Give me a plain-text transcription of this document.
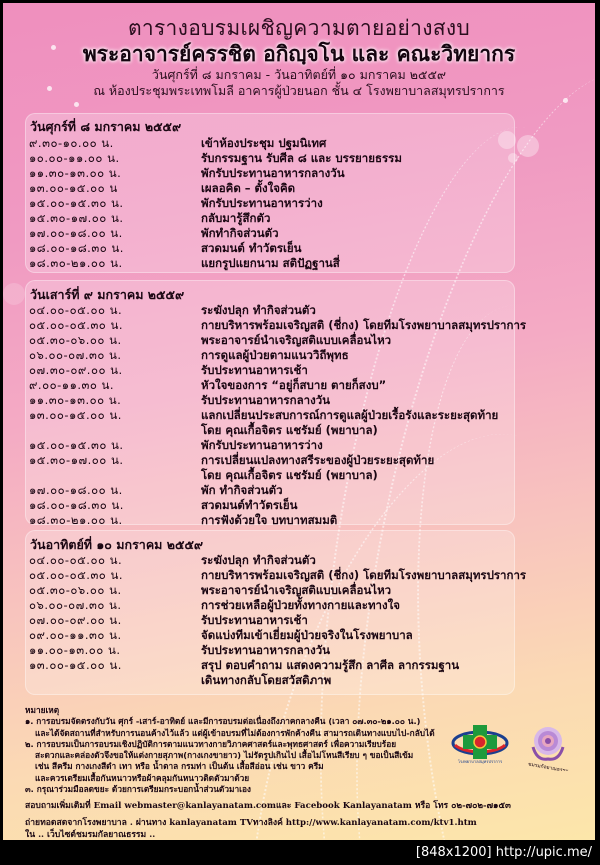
ตารางอบรมเผชิญความตายอย่างสงบ
พระอาจารย์ครรชิต อกิญฺจโน และ คณะวิทยากร
วันศุกร์ที่ ๘ มกราคม - วันอาทิตย์ที่ ๑๐ มกราคม ๒๕๕๙
ณ ห้องประชุมพระเทพโมลี อาคารผู้ป่วยนอก ชั้น ๔ โรงพยาบาลสมุทรปราการ
วันศุกร์ที่ ๘ มกราคม ๒๕๕๙
๙.๓๐-๑๐.๐๐ น.	เข้าห้องประชุม ปฐมนิเทศ
๑๐.๐๐-๑๑.๐๐ น.	รับกรรมฐาน รับศีล ๘ และ บรรยายธรรม
๑๑.๓๐-๑๓.๐๐ น.	พักรับประทานอาหารกลางวัน
๑๓.๐๐-๑๕.๐๐ น	เผลอคิด – ตั้งใจคิด
๑๕.๐๐-๑๕.๓๐ น.	พักรับประทานอาหารว่าง
๑๕.๓๐-๑๗.๐๐ น.	กลับมารู้สึกตัว
๑๗.๐๐-๑๘.๐๐ น.	พักทำกิจส่วนตัว
๑๘.๐๐-๑๘.๓๐ น.	สวดมนต์ ทำวัตรเย็น
๑๘.๓๐-๒๑.๐๐ น.	แยกรูปแยกนาม สติปัฏฐานสี่
วันเสาร์ที่ ๙ มกราคม ๒๕๕๙
๐๔.๐๐-๐๕.๐๐ น.	ระฆังปลุก ทำกิจส่วนตัว
๐๕.๐๐-๐๕.๓๐ น.	กายบริหารพร้อมเจริญสติ (ชี่กง) โดยทีมโรงพยาบาลสมุทรปราการ
๐๕.๓๐-๐๖.๐๐ น.	พระอาจารย์นำเจริญสติแบบเคลื่อนไหว
๐๖.๐๐-๐๗.๓๐ น.	การดูแลผู้ป่วยตามแนววิถีพุทธ
๐๗.๓๐-๐๙.๐๐ น.	รับประทานอาหารเช้า
๙.๐๐-๑๑.๓๐ น.	หัวใจของการ “อยู่ก็สบาย ตายก็สงบ”
๑๑.๓๐-๑๓.๐๐ น.	รับประทานอาหารกลางวัน
๑๓.๐๐-๑๕.๐๐ น.	แลกเปลี่ยนประสบการณ์การดูแลผู้ป่วยเรื้อรังและระยะสุดท้าย
โดย คุณเกื้อจิตร แชรัมย์ (พยาบาล)
๑๕.๐๐-๑๕.๓๐ น.	พักรับประทานอาหารว่าง
๑๕.๓๐-๑๗.๐๐ น.	การเปลี่ยนแปลงทางสรีระของผู้ป่วยระยะสุดท้าย
โดย คุณเกื้อจิตร แชรัมย์ (พยาบาล)
๑๗.๐๐-๑๘.๐๐ น.	พัก ทำกิจส่วนตัว
๑๘.๐๐-๑๘.๓๐ น.	สวดมนต์ทำวัตรเย็น
๑๘.๓๐-๒๑.๐๐ น.	การฟังด้วยใจ บทบาทสมมติ
วันอาทิตย์ที่ ๑๐ มกราคม ๒๕๕๙
๐๔.๐๐-๐๕.๐๐ น.	ระฆังปลุก ทำกิจส่วนตัว
๐๕.๐๐-๐๕.๓๐ น.	กายบริหารพร้อมเจริญสติ (ชี่กง) โดยทีมโรงพยาบาลสมุทรปราการ
๐๕.๓๐-๐๖.๐๐ น.	พระอาจารย์นำเจริญสติแบบเคลื่อนไหว
๐๖.๐๐-๐๗.๓๐ น.	การช่วยเหลือผู้ป่วยทั้งทางกายและทางใจ
๐๗.๐๐-๐๙.๐๐ น.	รับประทานอาหารเช้า
๐๙.๐๐-๑๑.๓๐ น.	จัดแบ่งทีมเข้าเยี่ยมผู้ป่วยจริงในโรงพยาบาล
๑๑.๐๐-๑๓.๐๐ น.	รับประทานอาหารกลางวัน
๑๓.๐๐-๑๕.๐๐ น.	สรุป ตอบคำถาม แสดงความรู้สึก ลาศีล ลากรรมฐาน
เดินทางกลับโดยสวัสดิภาพ
หมายเหตุ
๑. การอบรมจัดตรงกับวัน ศุกร์ -เสาร์-อาทิตย์ และมีการอบรมต่อเนื่องถึงภาคกลางคืน (เวลา ๐๗.๓๐-๒๑.๐๐ น.)
และได้จัดสถานที่สำหรับการนอนค้างไว้แล้ว แต่ผู้เข้าอบรมที่ไม่ต้องการพักค้างคืน สามารถเดินทางแบบไป-กลับได้
๒. การอบรมเป็นการอบรมเชิงปฏิบัติการตามแนวทางกายวิภาคศาสตร์และพุทธศาสตร์ เพื่อความเรียบร้อย
สะดวกและคล่องตัวจึงขอให้แต่งกายสุภาพ(กางเกงขายาว) ไม่รัดรูปเกินไป เสื้อไม่โหนสีเรียบ ๆ ขอเป็นสีเข้ม
เช่น สีครีม กางเกงสีดำ เทา หรือ น้ำตาล กรมท่า เป็นต้น เสื้อสีอ่อน เช่น ขาว ครีม
และควรเตรียมเสื้อกันหนาวหรือผ้าคลุมกันหนาวติดตัวมาด้วย
๓. กรุณาร่วมมือลดขยะ ด้วยการเตรียมกระบอกน้ำส่วนตัวมาเอง
สอบถามเพิ่มเติมที่ Email webmaster@kanlayanatam.comและ Facebook Kanlayanatam หรือ โทร ๐๒-๗๐๒-๗๑๕๓
ถ่ายทอดสดจากโรงพยาบาล . ผ่านทาง kanlayanatam TVทางลิงค์ http://www.kanlayanatam.com/ktv1.htm
ใน .. เว็บไซต์ชมรมกัลยาณธรรม ..
โรงพยาบาลสมุทรปราการ
ชมรมกัลยาณธรรม
[848x1200] http://upic.me/
